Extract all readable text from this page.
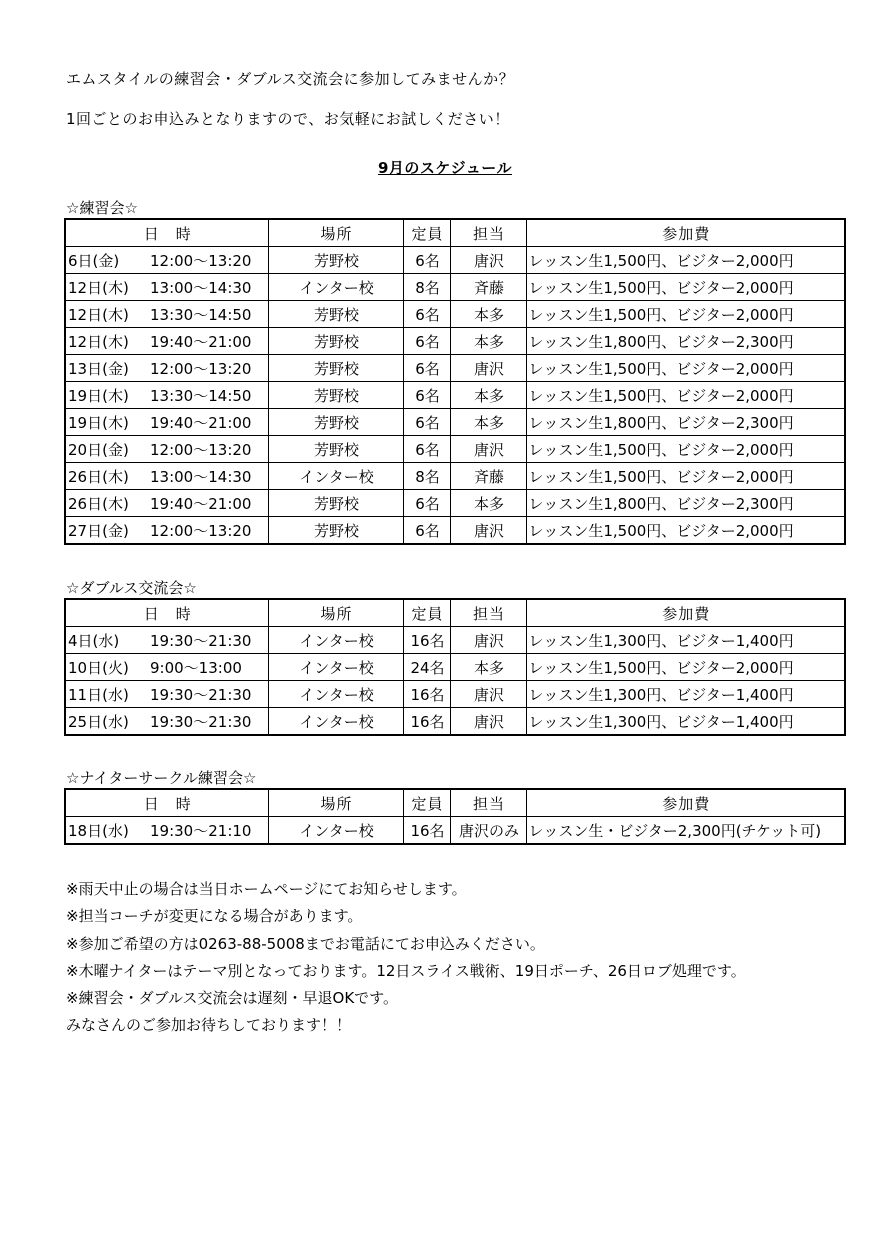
エムスタイルの練習会・ダブルス交流会に参加してみませんか？
1回ごとのお申込みとなりますので、お気軽にお試しください！
9月のスケジュール
☆練習会☆
日　時	場所	定員	担当	参加費
6日(金) 12:00～13:20	芳野校	6名	唐沢	レッスン生1,500円、ビジター2,000円
12日(木) 13:00～14:30	インター校	8名	斉藤	レッスン生1,500円、ビジター2,000円
12日(木) 13:30～14:50	芳野校	6名	本多	レッスン生1,500円、ビジター2,000円
12日(木) 19:40～21:00	芳野校	6名	本多	レッスン生1,800円、ビジター2,300円
13日(金) 12:00～13:20	芳野校	6名	唐沢	レッスン生1,500円、ビジター2,000円
19日(木) 13:30～14:50	芳野校	6名	本多	レッスン生1,500円、ビジター2,000円
19日(木) 19:40～21:00	芳野校	6名	本多	レッスン生1,800円、ビジター2,300円
20日(金) 12:00～13:20	芳野校	6名	唐沢	レッスン生1,500円、ビジター2,000円
26日(木) 13:00～14:30	インター校	8名	斉藤	レッスン生1,500円、ビジター2,000円
26日(木) 19:40～21:00	芳野校	6名	本多	レッスン生1,800円、ビジター2,300円
27日(金) 12:00～13:20	芳野校	6名	唐沢	レッスン生1,500円、ビジター2,000円
☆ダブルス交流会☆
日　時	場所	定員	担当	参加費
4日(水) 19:30～21:30	インター校	16名	唐沢	レッスン生1,300円、ビジター1,400円
10日(火) 9:00～13:00	インター校	24名	本多	レッスン生1,500円、ビジター2,000円
11日(水) 19:30～21:30	インター校	16名	唐沢	レッスン生1,300円、ビジター1,400円
25日(水) 19:30～21:30	インター校	16名	唐沢	レッスン生1,300円、ビジター1,400円
☆ナイターサークル練習会☆
日　時	場所	定員	担当	参加費
18日(水) 19:30～21:10	インター校	16名	唐沢のみ	レッスン生・ビジター2,300円(チケット可)
※雨天中止の場合は当日ホームページにてお知らせします。
※担当コーチが変更になる場合があります。
※参加ご希望の方は0263-88-5008までお電話にてお申込みください。
※木曜ナイターはテーマ別となっております。12日スライス戦術、19日ポーチ、26日ロブ処理です。
※練習会・ダブルス交流会は遅刻・早退OKです。
みなさんのご参加お待ちしております！！
